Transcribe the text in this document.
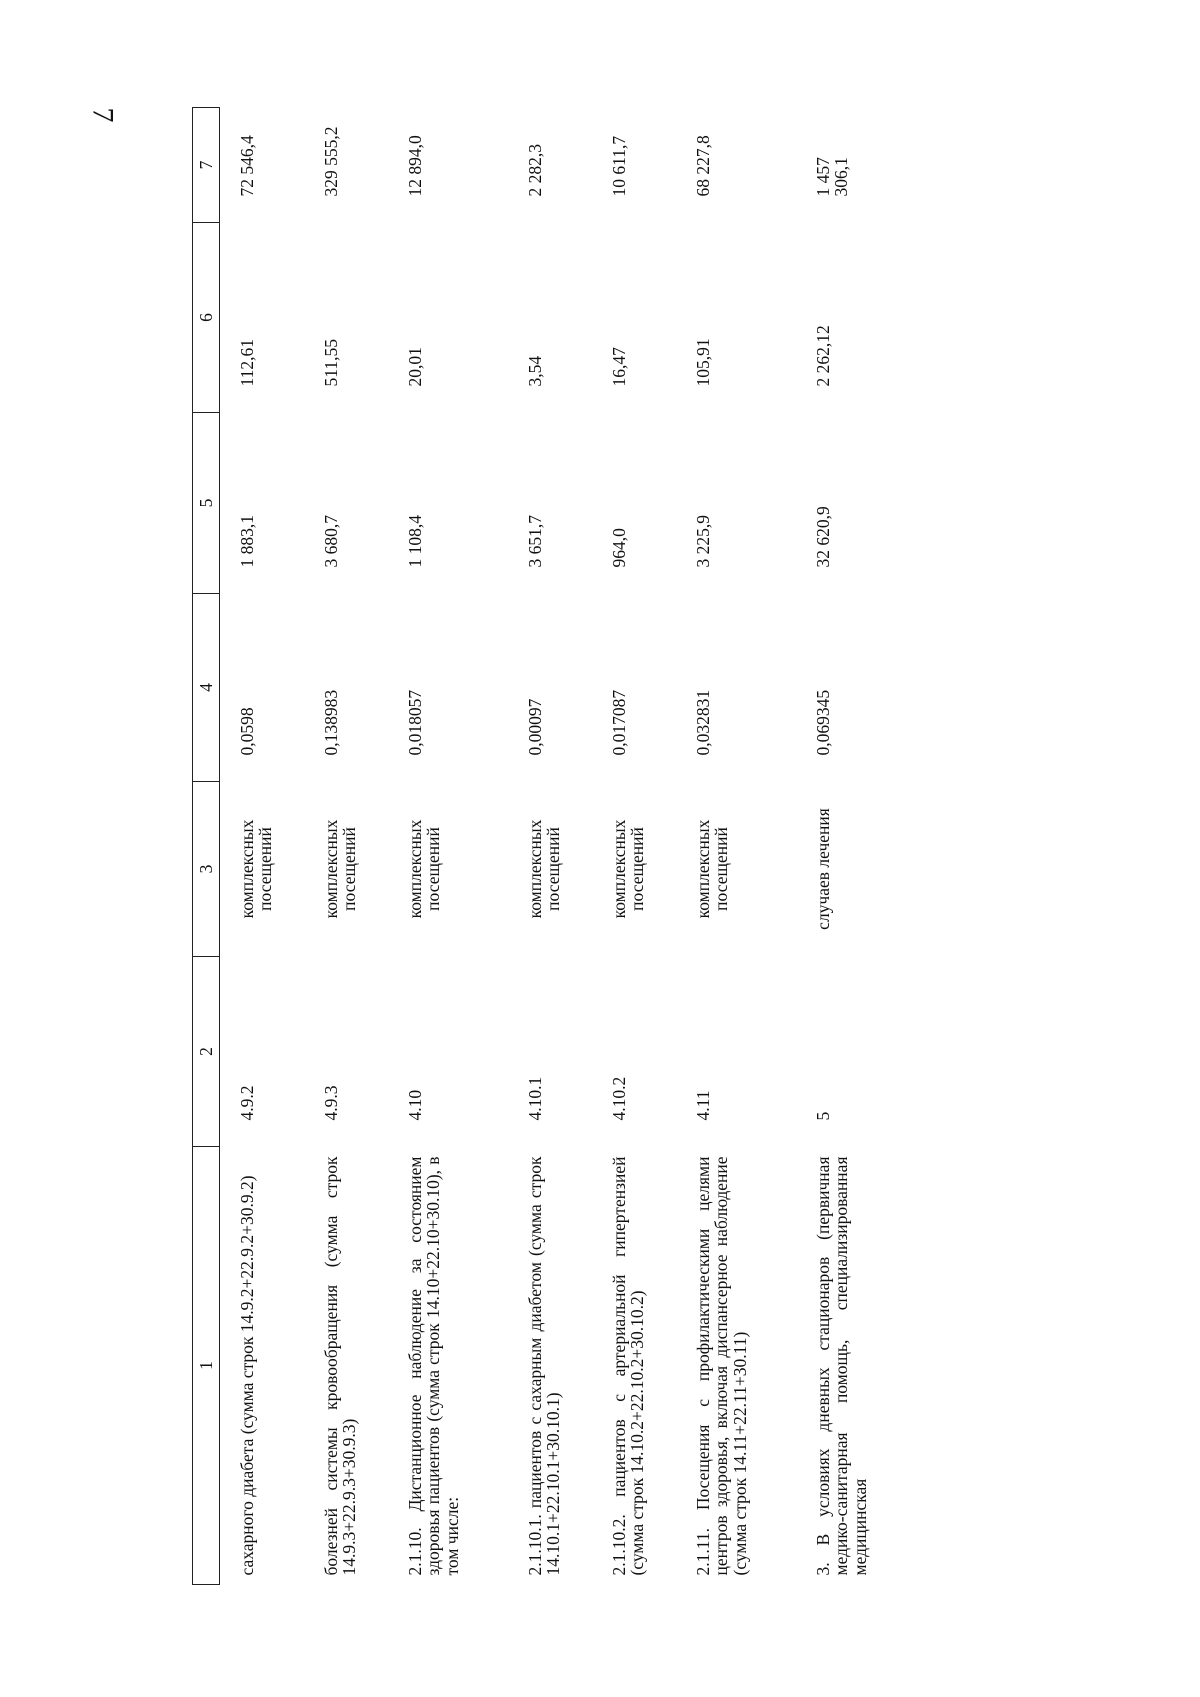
7
1	2	3	4	5	6	7
сахарного диабета (сумма строк 14.9.2+22.9.2+30.9.2)	4.9.2	комплексных посещений	0,0598	1 883,1	112,61	72 546,4
болезней системы кровообращения (сумма строк 14.9.3+22.9.3+30.9.3)	4.9.3	комплексных посещений	0,138983	3 680,7	511,55	329 555,2
2.1.10. Дистанционное наблюдение за состоянием здоровья пациентов (сумма строк 14.10+22.10+30.10), в том числе:	4.10	комплексных посещений	0,018057	1 108,4	20,01	12 894,0
2.1.10.1. пациентов с сахарным диабетом (сумма строк 14.10.1+22.10.1+30.10.1)	4.10.1	комплексных посещений	0,00097	3 651,7	3,54	2 282,3
2.1.10.2. пациентов с артериальной гипертензией (сумма строк 14.10.2+22.10.2+30.10.2)	4.10.2	комплексных посещений	0,017087	964,0	16,47	10 611,7
2.1.11. Посещения с профилактическими целями центров здоровья, включая диспансерное наблюдение (сумма строк 14.11+22.11+30.11)	4.11	комплексных посещений	0,032831	3 225,9	105,91	68 227,8
3. В условиях дневных стационаров (первичная медико-санитарная помощь, специализированная медицинская	5	случаев лечения	0,069345	32 620,9	2 262,12	1 457 306,1
